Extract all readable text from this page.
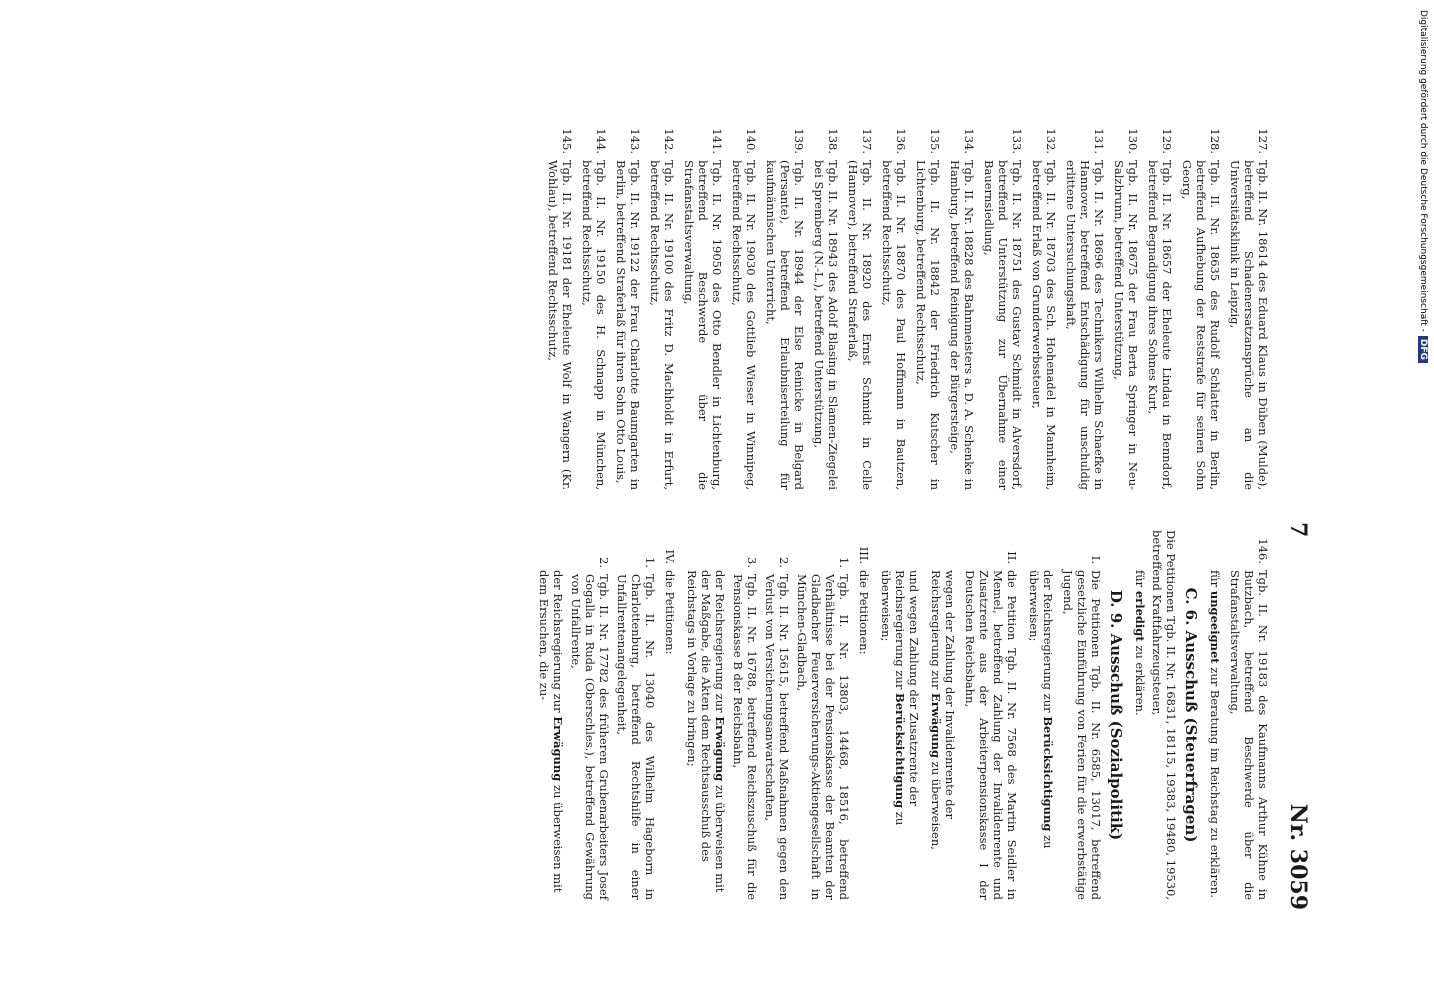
Digitalisierung gefördert durch die Deutsche Forschungsgemeinschaft -DFG
7
Nr. 3059
127.
Tgb. II. Nr. 18614 des Eduard Klaus in Düben (Mulde), betreffend Schadenersatzansprüche an die Universitätsklinik in Leipzig,
128.
Tgb. II. Nr. 18635 des Rudolf Schlatter in Berlin, betreffend Aufhebung der Reststrafe für seinen Sohn Georg,
129.
Tgb. II. Nr. 18657 der Eheleute Lindau in Benndorf, betreffend Begnadigung ihres Sohnes Kurt,
130.
Tgb. II. Nr. 18675 der Frau Berta Springer in Neu-Salzbrunn, betreffend Unterstützung,
131.
Tgb. II. Nr. 18696 des Technikers Wilhelm Schaefke in Hannover, betreffend Entschädigung für unschuldig erlittene Untersuchungshaft,
132.
Tgb. II. Nr. 18703 des Sch. Hohenadel in Mannheim, betreffend Erlaß von Grunderwerbssteuer,
133.
Tgb. II. Nr. 18751 des Gustav Schmidt in Alversdorf, betreffend Unterstützung zur Übernahme einer Bauernsiedlung,
134.
Tgb. II. Nr. 18828 des Bahnmeisters a. D. A. Schenke in Hamburg, betreffend Reinigung der Bürgersteige,
135.
Tgb. II. Nr. 18842 der Friedrich Kutscher in Lichtenburg, betreffend Rechtsschutz,
136.
Tgb. II. Nr. 18870 des Paul Hoffmann in Bautzen, betreffend Rechtsschutz,
137.
Tgb. II. Nr. 18920 des Ernst Schmidt in Celle (Hannover), betreffend Straferlaß,
138.
Tgb. II. Nr. 18943 des Adolf Blasing in Slamen-Ziegelei bei Spremberg (N.-L.), betreffend Unterstützung,
139.
Tgb. II. Nr. 18944 der Else Reinicke in Belgard (Persante), betreffend Erlaubniserteilung für kaufmännischen Unterricht,
140.
Tgb. II. Nr. 19030 des Gottlieb Wieser in Winnipeg, betreffend Rechtsschutz,
141.
Tgb. II. Nr. 19050 des Otto Bendler in Lichtenburg, betreffend Beschwerde über die Strafanstaltsverwaltung,
142.
Tgb. II. Nr. 19100 des Fritz D. Machholdt in Erfurt, betreffend Rechtsschutz,
143.
Tgb. II. Nr. 19122 der Frau Charlotte Baumgarten in Berlin, betreffend Straferlaß für ihren Sohn Otto Louis,
144.
Tgb. II. Nr. 19150 des H. Schnapp in München, betreffend Rechtsschutz,
145.
Tgb. II. Nr. 19181 der Eheleute Wolf in Wangern (Kr. Wohlau), betreffend Rechtsschutz,
146.
Tgb. II. Nr. 19183 des Kaufmanns Arthur Kühne in Butzbach, betreffend Beschwerde über die Strafanstaltsverwaltung,
für ungeeignet zur Beratung im Reichstag zu erklären.
C. 6. Ausschuß (Steuerfragen)
Die Petitionen Tgb. II. Nr. 16831, 18115, 19383, 19480, 19530, betreffend Kraftfahrzeugsteuer,
für erledigt zu erklären.
D. 9. Ausschuß (Sozialpolitik)
I.
Die Petitionen Tgb. II. Nr. 6585, 13017, betreffend gesetzliche Einführung von Ferien für die erwerbstätige Jugend,
der Reichsregierung zur Berücksichtigung zu überweisen;
II.
die Petition Tgb. II. Nr. 7568 des Martin Seidler in Memel, betreffend Zahlung der Invalidenrente und Zusatzrente aus der Arbeiterpensionskasse I der Deutschen Reichsbahn,
wegen der Zahlung der Invalidenrente der Reichsregierung zur Erwägung zu überweisen,
und wegen Zahlung der Zusatzrente der Reichsregierung zur Berücksichtigung zu überweisen;
III.
die Petitionen:
1.
Tgb. II. Nr. 13803, 14468, 18516, betreffend Verhältnisse bei der Pensionskasse der Beamten der Gladbacher Feuerversicherungs-Aktiengesellschaft in München-Gladbach,
2.
Tgb. II. Nr. 15615, betreffend Maßnahmen gegen den Verlust von Versicherungsanwartschaften,
3.
Tgb. II. Nr. 16788, betreffend Reichszuschuß für die Pensionskasse B der Reichsbahn,
der Reichsregierung zur Erwägung zu überweisen mit der Maßgabe, die Akten dem Rechtsausschuß des Reichstags in Vorlage zu bringen;
IV.
die Petitionen:
1.
Tgb. II. Nr. 13040 des Wilhelm Hageborn in Charlottenburg, betreffend Rechtshilfe in einer Unfallrentenangelegenheit,
2.
Tgb. II. Nr. 17782 des früheren Grubenarbeiters Josef Gogalla in Ruda (Oberschles.), betreffend Gewährung von Unfallrente,
der Reichsregierung zur Erwägung zu überweisen mit dem Ersuchen, die zu-
